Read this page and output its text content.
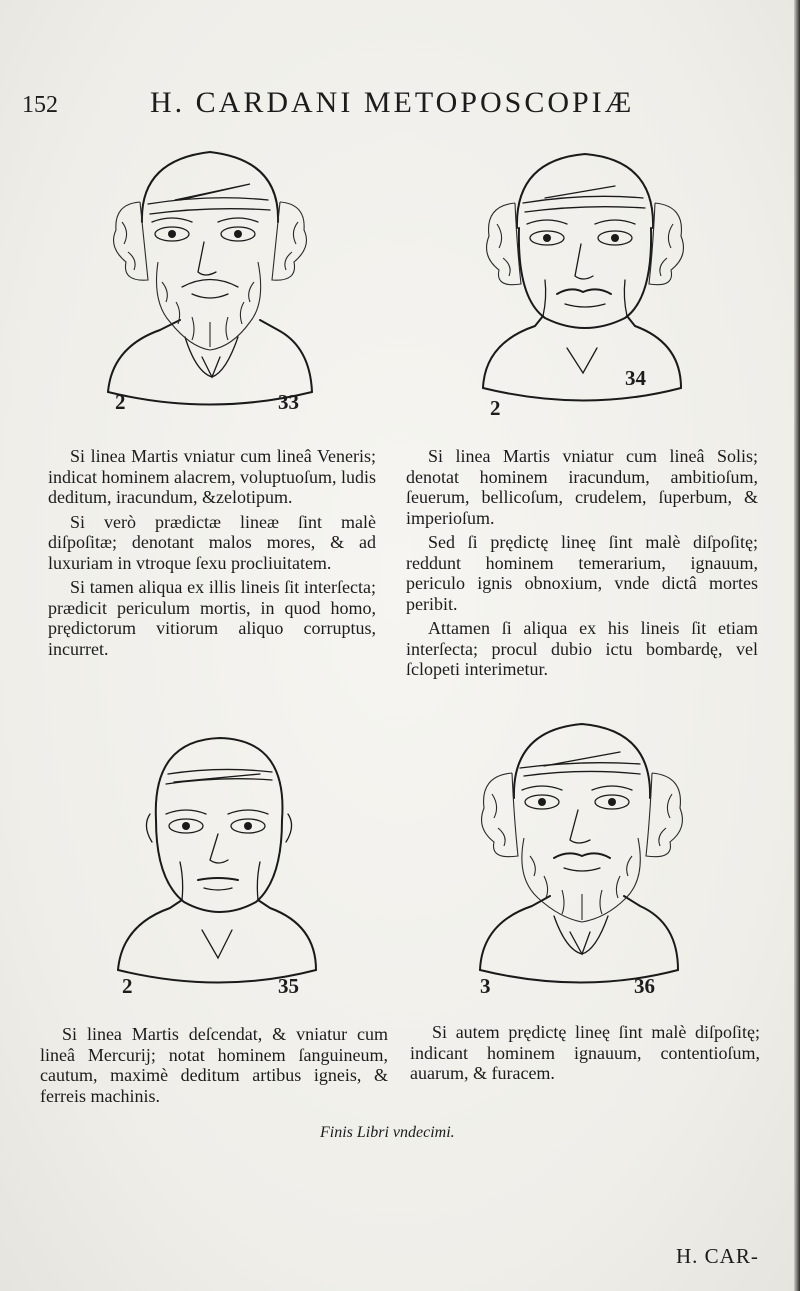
152	H. CARDANI METOPOSCOPIÆ
2	33	2
34

Si linea Martis vniatur cum lineâ Veneris; indicat hominem alacrem, voluptuoſum, ludis deditum, iracundum, &zelotipum.

Si verò prædictæ lineæ ſint malè diſpoſitæ; denotant malos mores, & ad luxuriam in vtroque ſexu procliuitatem.

Si tamen aliqua ex illis lineis ſit interſecta; prædicit periculum mortis, in quod homo, prędictorum vitiorum aliquo corruptus, incurret.

Si linea Martis vniatur cum lineâ Solis; denotat hominem iracundum, ambitioſum, ſeuerum, bellicoſum, crudelem, ſuperbum, & imperioſum.

Sed ſi prędictę lineę ſint malè diſpoſitę; reddunt hominem temerarium, ignauum, periculo ignis obnoxium, vnde dictâ mortes peribit.

Attamen ſi aliqua ex his lineis ſit etiam interſecta; procul dubio ictu bombardę, vel ſclopeti interimetur.

2	35	3	36

Si linea Martis deſcendat, & vniatur cum lineâ Mercurij; notat hominem ſanguineum, cautum, maximè deditum artibus igneis, & ferreis machinis.

Si autem prędictę lineę ſint malè diſpoſitę; indicant hominem ignauum, contentioſum, auarum, & furacem.

Finis Libri vndecimi.
H. CAR-
